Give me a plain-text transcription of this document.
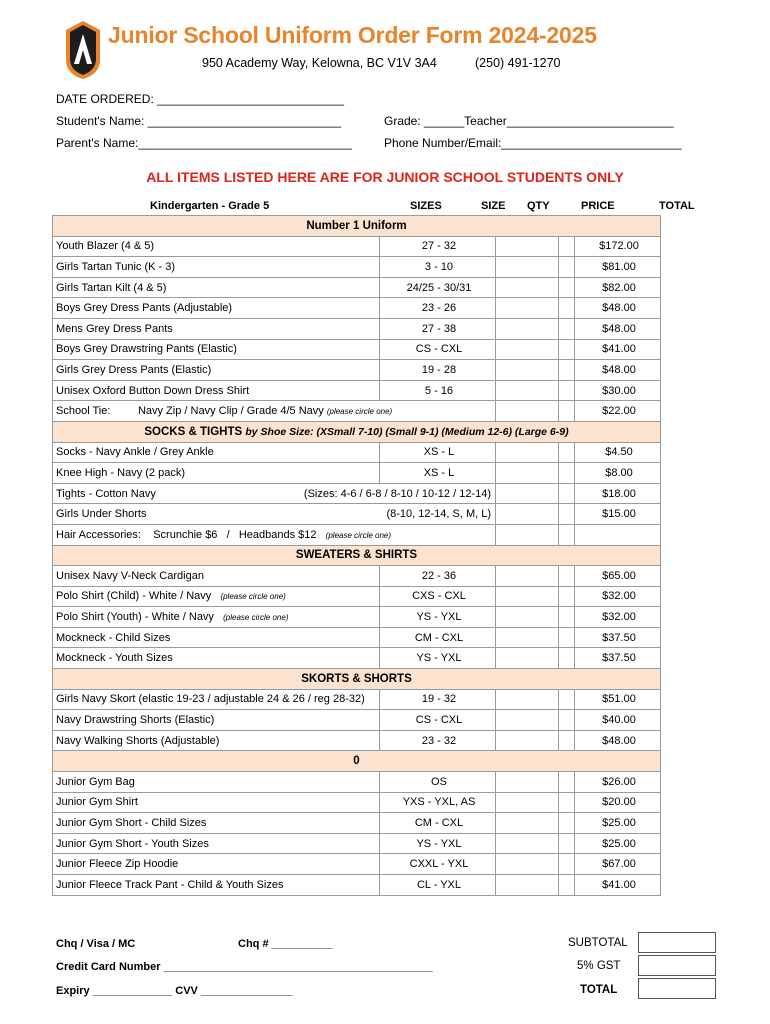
Junior School Uniform Order Form 2024-2025
950 Academy Way, Kelowna, BC V1V 3A4	(250) 491-1270
DATE ORDERED: ____________________________
Student's Name: _____________________________	Grade: ______Teacher_________________________
Parent's Name:________________________________	Phone Number/Email:___________________________
ALL ITEMS LISTED HERE ARE FOR JUNIOR SCHOOL STUDENTS ONLY
Kindergarten - Grade 5	SIZES	SIZE QTY	PRICE	TOTAL
Number 1 Uniform				
Youth Blazer (4 & 5)	27 - 32			$172.00
Girls Tartan Tunic (K - 3)	3 - 10			$81.00
Girls Tartan Kilt (4 & 5)	24/25 - 30/31			$82.00
Boys Grey Dress Pants (Adjustable)	23 - 26			$48.00
Mens Grey Dress Pants	27 - 38			$48.00
Boys Grey Drawstring Pants (Elastic)	CS - CXL			$41.00
Girls Grey Dress Pants (Elastic)	19 - 28			$48.00
Unisex Oxford Button Down Dress Shirt	5 - 16			$30.00
School Tie: Navy Zip / Navy Clip / Grade 4/5 Navy (please circle one)				$22.00
SOCKS & TIGHTS by Shoe Size: (XSmall 7-10) (Small 9-1) (Medium 12-6) (Large 6-9)				
Socks - Navy Ankle / Grey Ankle	XS - L			$4.50
Knee High - Navy (2 pack)	XS - L			$8.00

Tights - Cotton Navy (Sizes: 4-6 / 6-8 / 8-10 / 10-12 / 12-14)				$18.00

Girls Under Shorts (8-10, 12-14, S, M, L)				$15.00
Hair Accessories: Scrunchie $6   /   Headbands $12 (please circle one)				
SWEATERS & SHIRTS				
Unisex Navy V-Neck Cardigan	22 - 36			$65.00
Polo Shirt (Child) - White / Navy (please circle one)	CXS - CXL			$32.00
Polo Shirt (Youth) - White / Navy (please circle one)	YS - YXL			$32.00
Mockneck - Child Sizes	CM - CXL			$37.50
Mockneck - Youth Sizes	YS - YXL			$37.50
SKORTS & SHORTS				
Girls Navy Skort (elastic 19-23 / adjustable 24 & 26 / reg 28-32)	19 - 32			$51.00
Navy Drawstring Shorts (Elastic)	CS - CXL			$40.00
Navy Walking Shorts (Adjustable)	23 - 32			$48.00
0				
Junior Gym Bag	OS			$26.00
Junior Gym Shirt	YXS - YXL, AS			$20.00
Junior Gym Short - Child Sizes	CM - CXL			$25.00
Junior Gym Short - Youth Sizes	YS - YXL			$25.00
Junior Fleece Zip Hoodie	CXXL - YXL			$67.00
Junior Fleece Track Pant - Child & Youth Sizes	CL - YXL			$41.00
Chq / Visa / MC	Chq # __________
Credit Card Number ____________________________________________
Expiry _____________ CVV _______________
SUBTOTAL
5% GST
TOTAL
